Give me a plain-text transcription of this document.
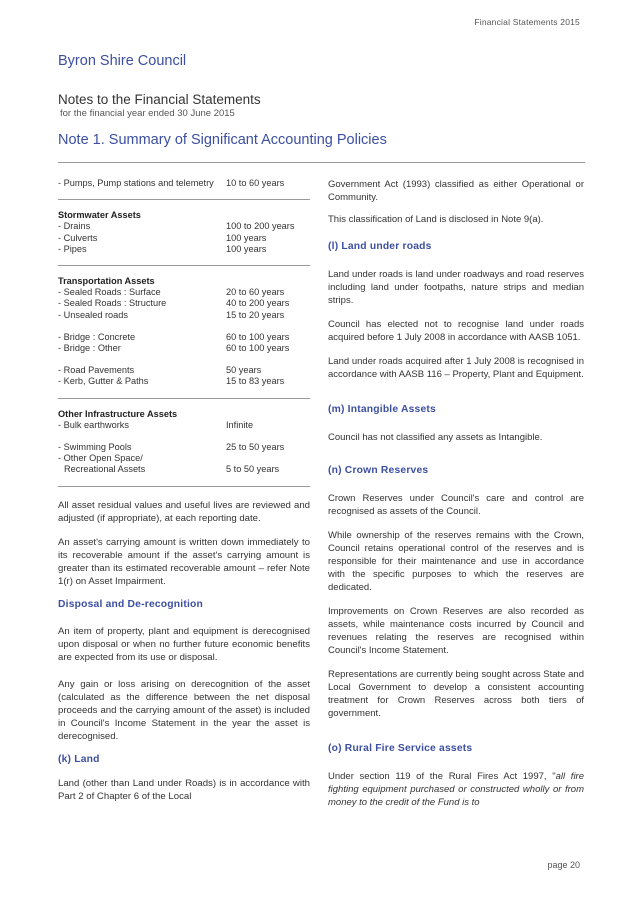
Financial Statements 2015
Byron Shire Council
Notes to the Financial Statements
for the financial year ended 30 June 2015
Note 1. Summary of Significant Accounting Policies
- Pumps, Pump stations and telemetry	10 to 60 years
Stormwater Assets
- Drains	100 to 200 years
- Culverts	100 years
- Pipes	100 years
Transportation Assets
- Sealed Roads : Surface	20 to 60 years
- Sealed Roads : Structure	40 to 200 years
- Unsealed roads	15 to 20 years
- Bridge : Concrete	60 to 100 years
- Bridge : Other	60 to 100 years
- Road Pavements	50 years
- Kerb, Gutter & Paths	15 to 83 years
Other Infrastructure Assets
- Bulk earthworks	Infinite
- Swimming Pools	25 to 50 years
- Other Open Space/
Recreational Assets	5 to 50 years

All asset residual values and useful lives are reviewed and adjusted (if appropriate), at each reporting date.

An asset's carrying amount is written down immediately to its recoverable amount if the asset's carrying amount is greater than its estimated recoverable amount – refer Note 1(r) on Asset Impairment.

Disposal and De-recognition

An item of property, plant and equipment is derecognised upon disposal or when no further future economic benefits are expected from its use or disposal.

Any gain or loss arising on derecognition of the asset (calculated as the difference between the net disposal proceeds and the carrying amount of the asset) is included in Council's Income Statement in the year the asset is derecognised.

(k) Land

Land (other than Land under Roads) is in accordance with Part 2 of Chapter 6 of the Local

Government Act (1993) classified as either Operational or Community.

This classification of Land is disclosed in Note 9(a).

(l) Land under roads

Land under roads is land under roadways and road reserves including land under footpaths, nature strips and median strips.

Council has elected not to recognise land under roads acquired before 1 July 2008 in accordance with AASB 1051.

Land under roads acquired after 1 July 2008 is recognised in accordance with AASB 116 – Property, Plant and Equipment.

(m) Intangible Assets

Council has not classified any assets as Intangible.

(n) Crown Reserves

Crown Reserves under Council's care and control are recognised as assets of the Council.

While ownership of the reserves remains with the Crown, Council retains operational control of the reserves and is responsible for their maintenance and use in accordance with the specific purposes to which the reserves are dedicated.

Improvements on Crown Reserves are also recorded as assets, while maintenance costs incurred by Council and revenues relating the reserves are recognised within Council's Income Statement.

Representations are currently being sought across State and Local Government to develop a consistent accounting treatment for Crown Reserves across both tiers of government.

(o) Rural Fire Service assets

Under section 119 of the Rural Fires Act 1997, "all fire fighting equipment purchased or constructed wholly or from money to the credit of the Fund is to

page 20
